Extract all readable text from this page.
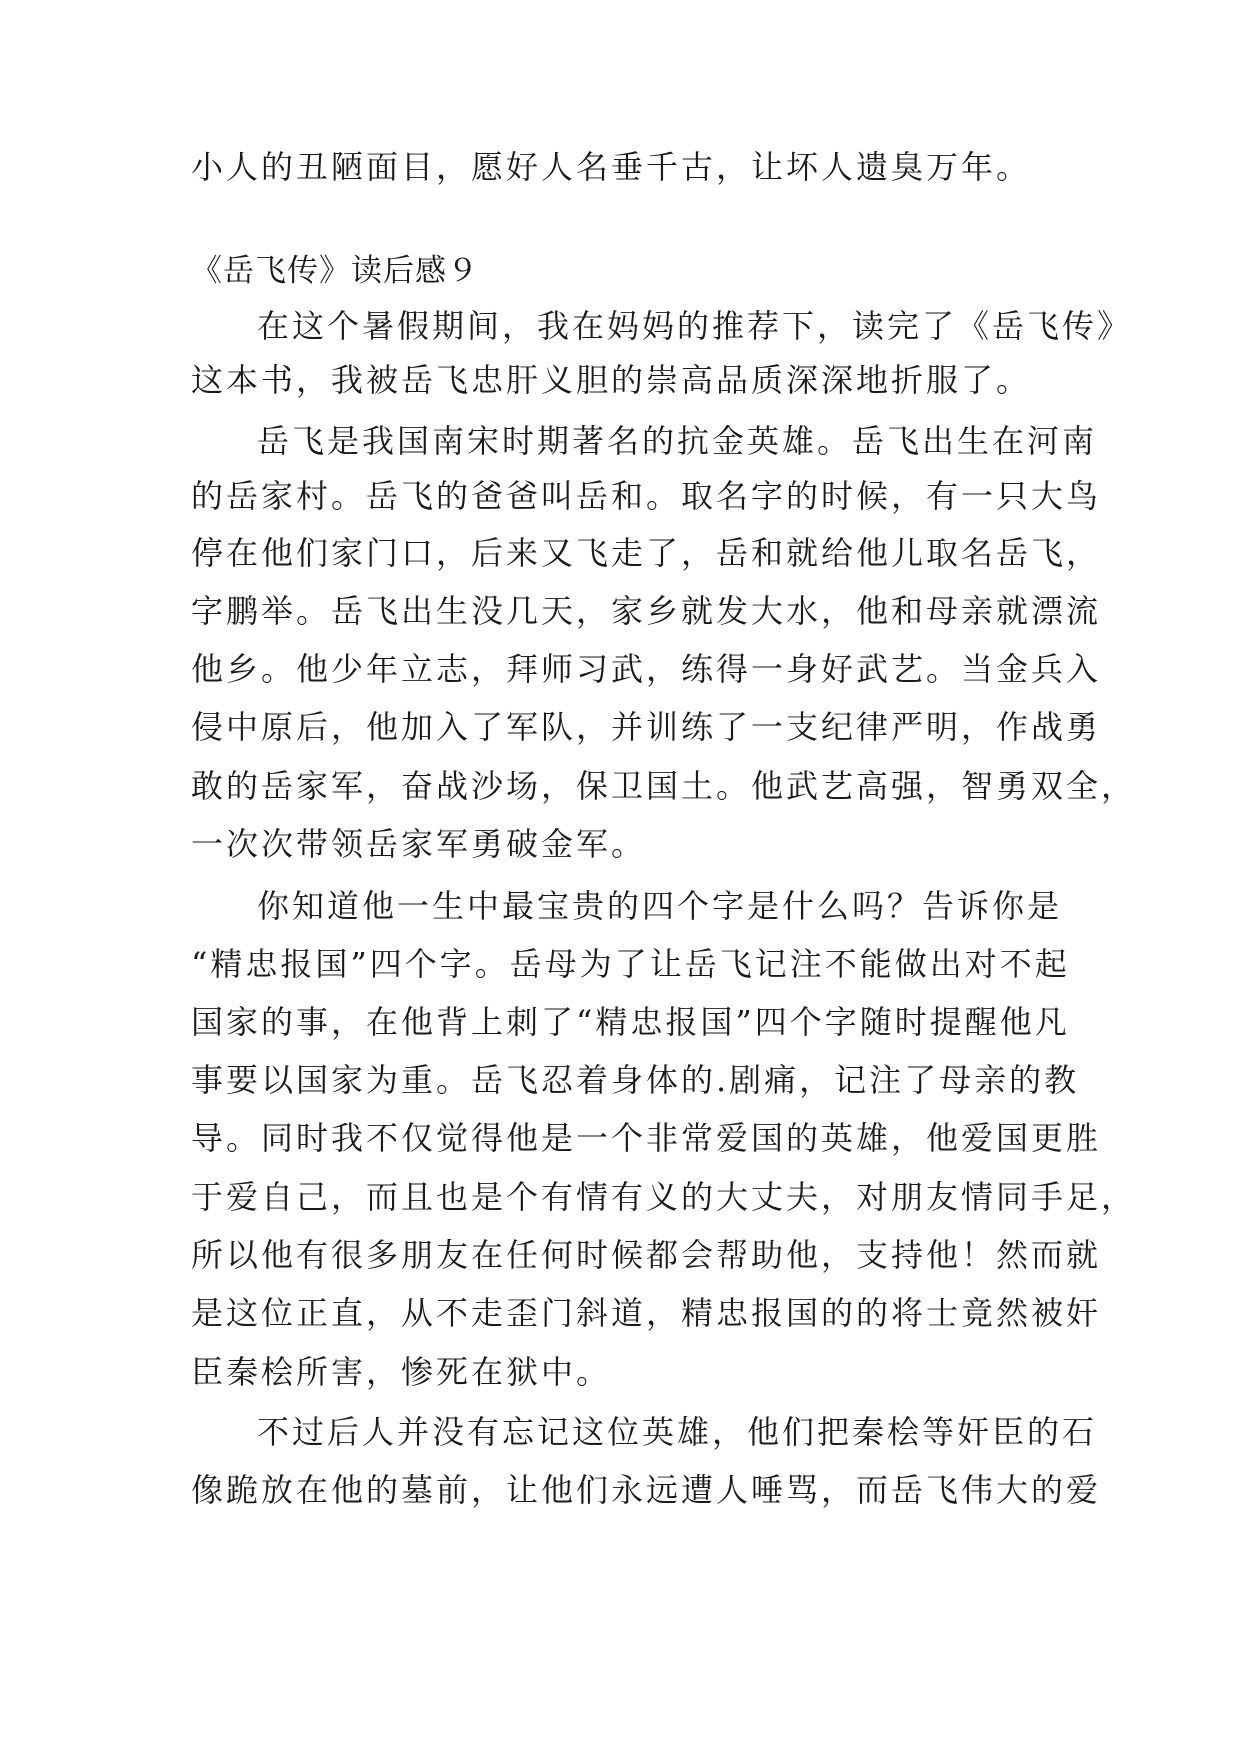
小人的丑陋面目，愿好人名垂千古，让坏人遗臭万年。
《岳飞传》读后感９
在这个暑假期间，我在妈妈的推荐下，读完了《岳飞传》
这本书，我被岳飞忠肝义胆的崇高品质深深地折服了。
岳飞是我国南宋时期著名的抗金英雄。岳飞出生在河南
的岳家村。岳飞的爸爸叫岳和。取名字的时候，有一只大鸟
停在他们家门口，后来又飞走了，岳和就给他儿取名岳飞，
字鹏举。岳飞出生没几天，家乡就发大水，他和母亲就漂流
他乡。他少年立志，拜师习武，练得一身好武艺。当金兵入
侵中原后，他加入了军队，并训练了一支纪律严明，作战勇
敢的岳家军，奋战沙场，保卫国土。他武艺高强，智勇双全，
一次次带领岳家军勇破金军。
你知道他一生中最宝贵的四个字是什么吗？告诉你是
“精忠报国”四个字。岳母为了让岳飞记注不能做出对不起
国家的事，在他背上刺了“精忠报国”四个字随时提醒他凡
事要以国家为重。岳飞忍着身体的.剧痛，记注了母亲的教
导。同时我不仅觉得他是一个非常爱国的英雄，他爱国更胜
于爱自己，而且也是个有情有义的大丈夫，对朋友情同手足，
所以他有很多朋友在任何时候都会帮助他，支持他！然而就
是这位正直，从不走歪门斜道，精忠报国的的将士竟然被奸
臣秦桧所害，惨死在狱中。
不过后人并没有忘记这位英雄，他们把秦桧等奸臣的石
像跪放在他的墓前，让他们永远遭人唾骂，而岳飞伟大的爱
